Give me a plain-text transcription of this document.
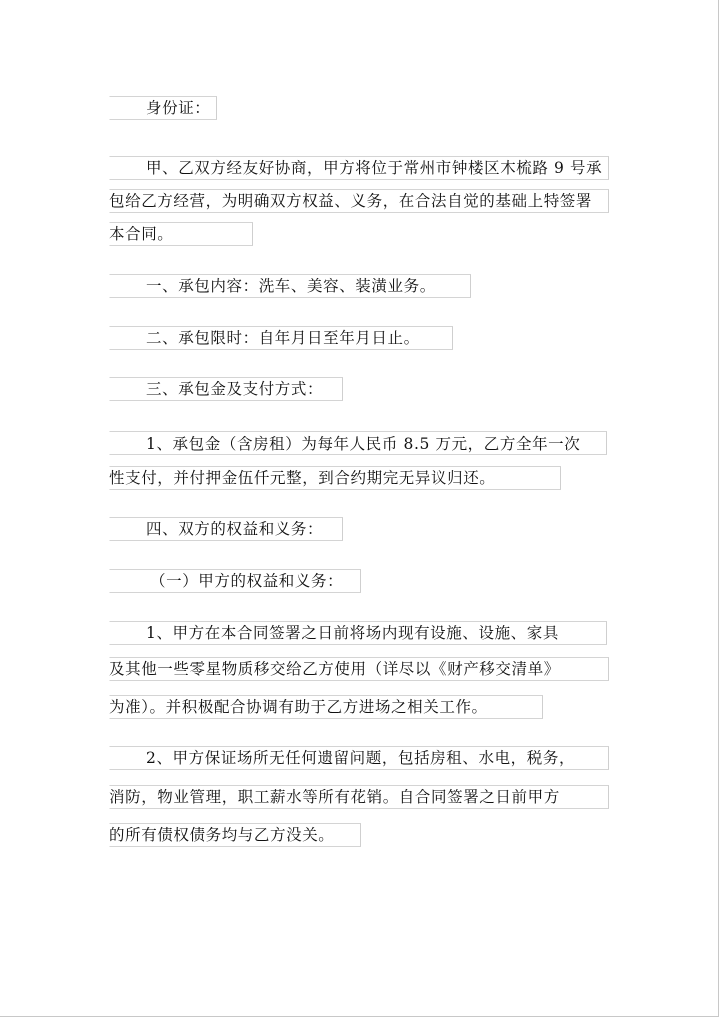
身份证：
甲、乙双方经友好协商，甲方将位于常州市钟楼区木梳路 9 号承
包给乙方经营，为明确双方权益、义务，在合法自觉的基础上特签署
本合同。
一、承包内容：洗车、美容、装潢业务。
二、承包限时：自年月日至年月日止。
三、承包金及支付方式：
1、承包金（含房租）为每年人民币 8.5 万元，乙方全年一次
性支付，并付押金伍仟元整，到合约期完无异议归还。
四、双方的权益和义务：
（一）甲方的权益和义务：
1、甲方在本合同签署之日前将场内现有设施、设施、家具
及其他一些零星物质移交给乙方使用（详尽以《财产移交清单》
为准）。并积极配合协调有助于乙方进场之相关工作。
2、甲方保证场所无任何遗留问题，包括房租、水电，税务，
消防，物业管理，职工薪水等所有花销。自合同签署之日前甲方
的所有债权债务均与乙方没关。
